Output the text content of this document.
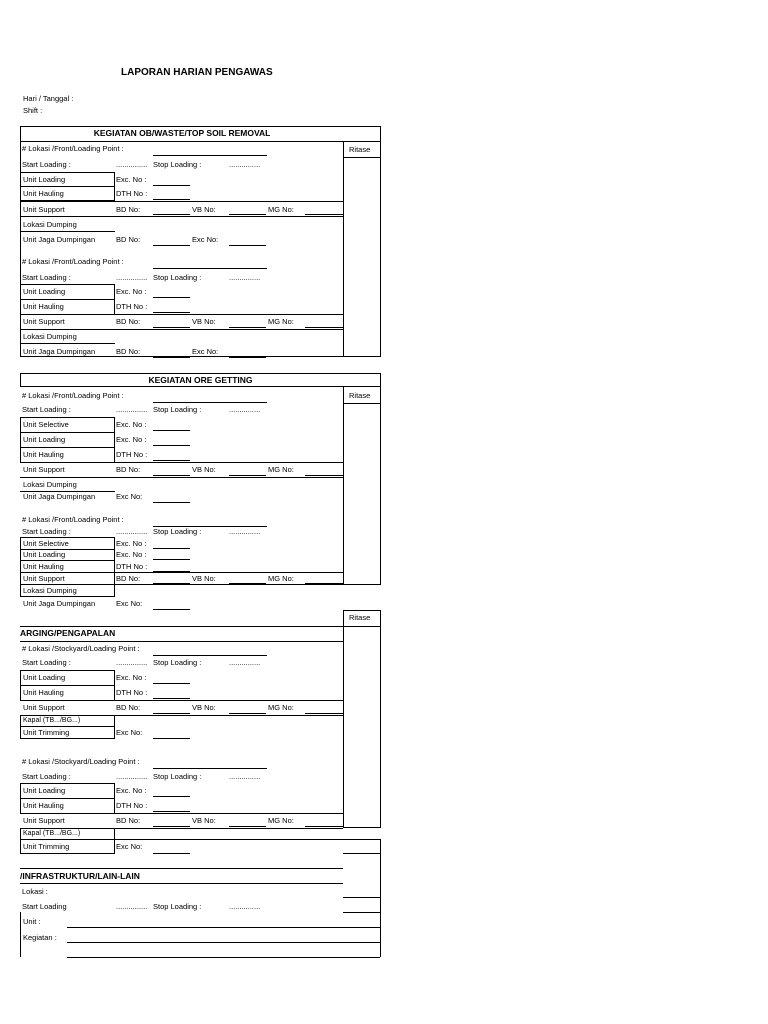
LAPORAN HARIAN PENGAWAS
Hari / Tanggal :
Shift :
KEGIATAN OB/WASTE/TOP SOIL REMOVAL
Ritase
# Lokasi /Front/Loading Point :
Start Loading :	............... Stop Loading :	...............
Unit Loading	Exc. No :
Unit Hauling	DTH No :
Unit Support	BD No:	VB No:	MG No:
Lokasi Dumping
Unit Jaga Dumpingan	BD No:	Exc No:
# Lokasi /Front/Loading Point :
Start Loading :	............... Stop Loading :	...............
Unit Loading	Exc. No :
Unit Hauling	DTH No :
Unit Support	BD No:	VB No:	MG No:
Lokasi Dumping
Unit Jaga Dumpingan	BD No:	Exc No:
KEGIATAN ORE GETTING
Ritase
# Lokasi /Front/Loading Point :
Start Loading :	............... Stop Loading :	...............
Unit Selective	Exc. No :
Unit Loading	Exc. No :
Unit Hauling	DTH No :
Unit Support	BD No:	VB No:	MG No:
Lokasi Dumping
Unit Jaga Dumpingan	Exc No:
# Lokasi /Front/Loading Point :
Start Loading :	............... Stop Loading :	...............
Unit Selective	Exc. No :
Unit Loading	Exc. No :
Unit Hauling	DTH No :
Unit Support	BD No:	VB No:	MG No:
Lokasi Dumping
Unit Jaga Dumpingan	Exc No:
Ritase
ARGING/PENGAPALAN
# Lokasi /Stockyard/Loading Point :
Start Loading :	............... Stop Loading :	...............
Unit Loading	Exc. No :
Unit Hauling	DTH No :
Unit Support	BD No:	VB No:	MG No:
Kapal (TB.../BG...)
Unit Trimming	Exc No:
# Lokasi /Stockyard/Loading Point :
Start Loading :	............... Stop Loading :	...............
Unit Loading	Exc. No :
Unit Hauling	DTH No :
Unit Support	BD No:	VB No:	MG No:
Kapal (TB.../BG...)
Unit Trimming	Exc No:
/INFRASTRUKTUR/LAIN-LAIN
Lokasi :
Start Loading	............... Stop Loading :	...............
Unit :
Kegiatan :
